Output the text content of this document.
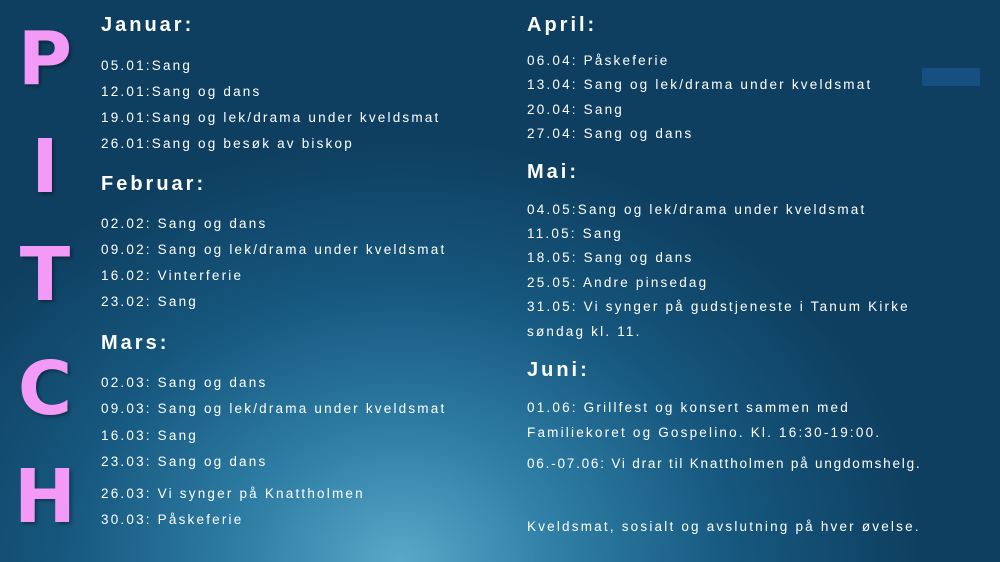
P
I
T
C
H
Januar:
05.01:Sang
12.01:Sang og dans
19.01:Sang og lek/drama under kveldsmat
26.01:Sang og besøk av biskop
Februar:
02.02: Sang og dans
09.02: Sang og lek/drama under kveldsmat
16.02: Vinterferie
23.02: Sang
Mars:
02.03: Sang og dans
09.03: Sang og lek/drama under kveldsmat
16.03: Sang
23.03: Sang og dans
26.03: Vi synger på Knattholmen
30.03: Påskeferie
April:
06.04: Påskeferie
13.04: Sang og lek/drama under kveldsmat
20.04: Sang
27.04: Sang og dans
Mai:
04.05:Sang og lek/drama under kveldsmat
11.05: Sang
18.05: Sang og dans
25.05: Andre pinsedag
31.05: Vi synger på gudstjeneste i Tanum Kirke
søndag kl. 11.
Juni:
01.06: Grillfest og konsert sammen med
Familiekoret og Gospelino. Kl. 16:30-19:00.
06.-07.06: Vi drar til Knattholmen på ungdomshelg.
Kveldsmat, sosialt og avslutning på hver øvelse.
